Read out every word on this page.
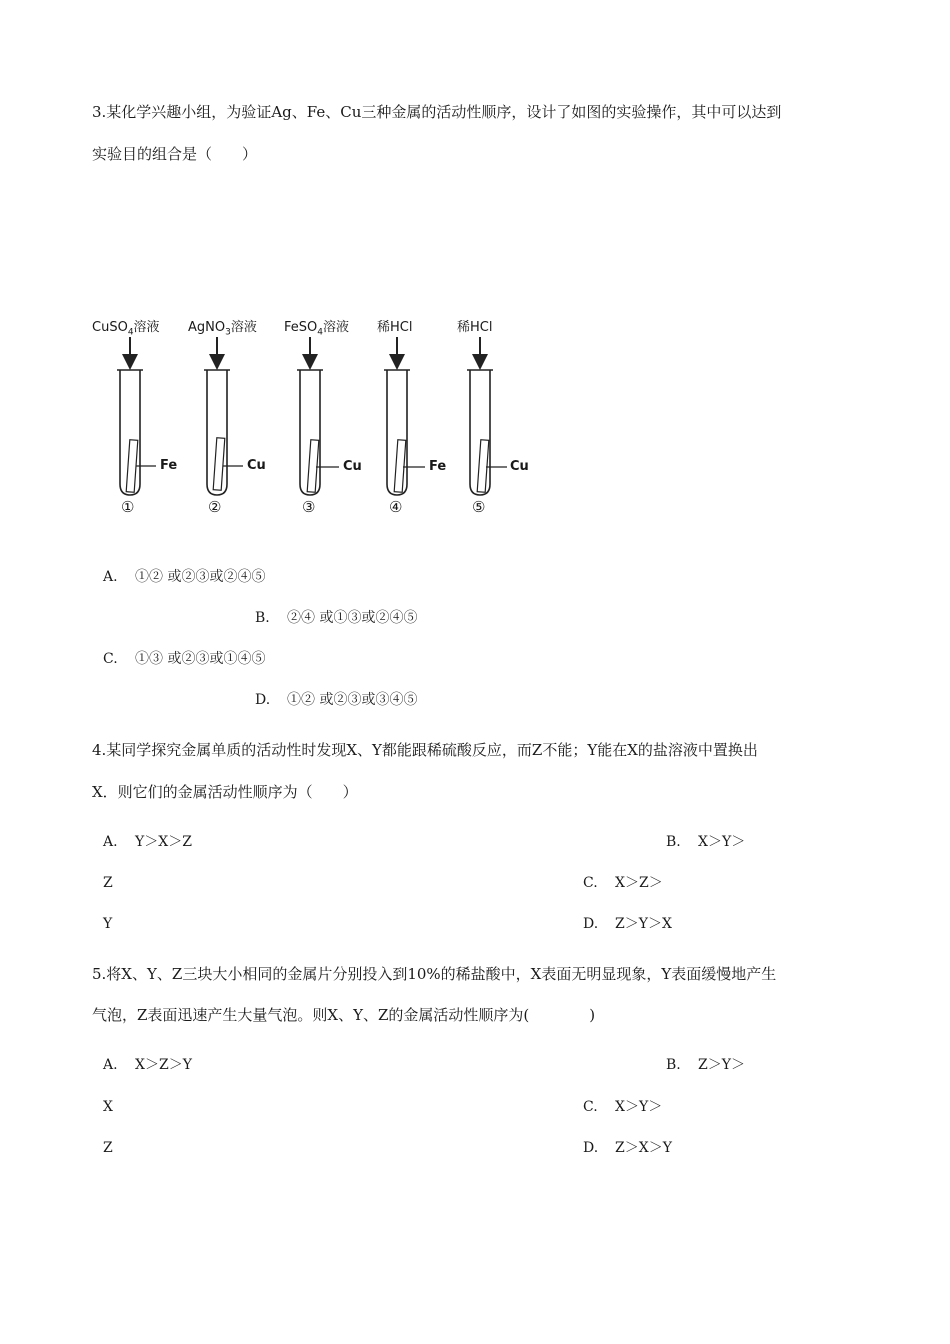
3.某化学兴趣小组，为验证Ag、Fe、Cu三种金属的活动性顺序，设计了如图的实验操作，其中可以达到
实验目的组合是（　　）
CuSO$_4$溶液 AgNO$_3$溶液 FeSO$_4$溶液 稀HCl	稀HCl
Fe	Cu	Cu	Fe	Cu
①	②	③	④	⑤
A. ①② 或②③或②④⑤
B. ②④ 或①③或②④⑤
C. ①③ 或②③或①④⑤
D. ①② 或②③或③④⑤
4.某同学探究金属单质的活动性时发现X、Y都能跟稀硫酸反应，而Z不能；Y能在X的盐溶液中置换出
X．则它们的金属活动性顺序为（　　）
A. Y＞X＞Z	B. X＞Y＞
Z	C. X＞Z＞
Y	D. Z＞Y＞X
5.将X、Y、Z三块大小相同的金属片分别投入到10%的稀盐酸中，X表面无明显现象，Y表面缓慢地产生
气泡，Z表面迅速产生大量气泡。则X、Y、Z的金属活动性顺序为(　　　　)
A. X＞Z＞Y	B. Z＞Y＞
X	C. X＞Y＞
Z	D. Z＞X＞Y
